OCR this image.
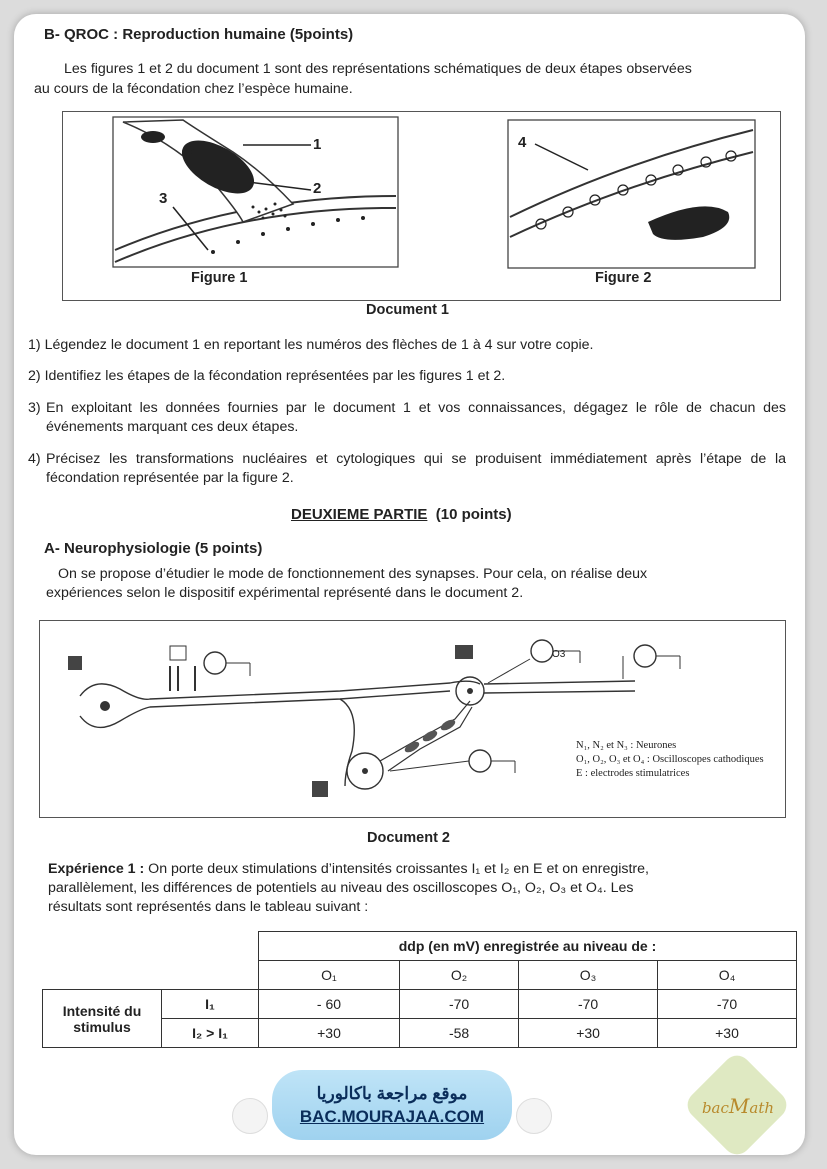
B- QROC : Reproduction humaine (5points)
Les figures 1 et 2 du document 1 sont des représentations schématiques de deux étapes observées
au cours de la fécondation chez l’espèce humaine.
1
2
3
4
Figure 1	Figure 2
Document 1
1) Légendez le document 1 en reportant les numéros des flèches de 1 à 4 sur votre copie.
2) Identifiez les étapes de la fécondation représentées par les figures 1 et 2.
3) En exploitant les données fournies par le document 1 et vos connaissances, dégagez le rôle de chacun des événements marquant ces deux étapes.
4) Précisez les transformations nucléaires et cytologiques qui se produisent immédiatement après l’étape de la fécondation représentée par la figure 2.
DEUXIEME PARTIE (10 points)
A- Neurophysiologie (5 points)
On se propose d’étudier le mode de fonctionnement des synapses. Pour cela, on réalise deux
expériences selon le dispositif expérimental représenté dans le document 2.
O3
N₁, N₂ et N₃ : Neurones
O₁, O₂, O₃ et O₄ : Oscilloscopes cathodiques
E : electrodes stimulatrices
Document 2
Expérience 1 : On porte deux stimulations d’intensités croissantes I₁ et I₂ en E et on enregistre,
parallèlement, les différences de potentiels au niveau des oscilloscopes O₁, O₂, O₃ et O₄. Les
résultats sont représentés dans le tableau suivant :
		ddp (en mV) enregistrée au niveau de :			
		O₁	O₂	O₃	O₄
Intensité du stimulus	I₁	- 60	-70	-70	-70
	I₂ > I₁	+30	-58	+30	+30
موقع مراجعة باكالوريا
BAC.MOURAJAA.COM	bacMath
